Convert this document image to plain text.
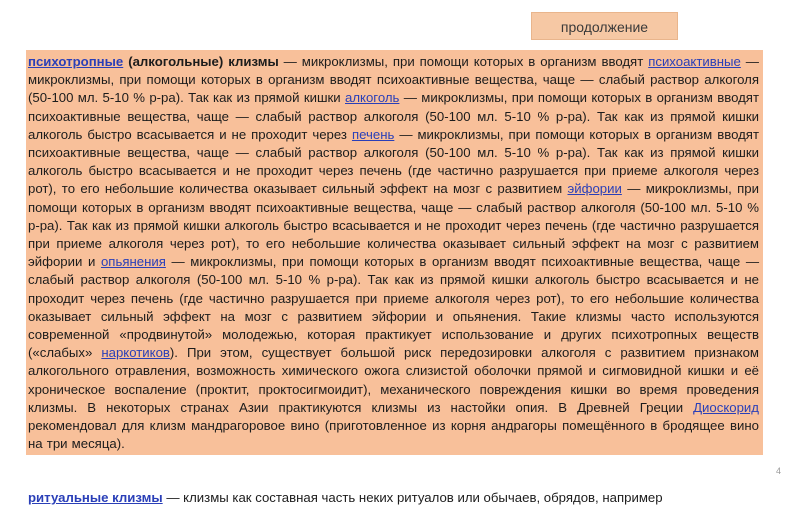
продолжение

психотропные (алкогольные) клизмы — микроклизмы, при помощи которых в организм вводят психоактивные — микроклизмы, при помощи которых в организм вводят психоактивные вещества, чаще — слабый раствор алкоголя (50-100 мл. 5-10 % р-ра). Так как из прямой кишки алкоголь — микроклизмы, при помощи которых в организм вводят психоактивные вещества, чаще — слабый раствор алкоголя (50-100 мл. 5-10 % р-ра). Так как из прямой кишки алкоголь быстро всасывается и не проходит через печень — микроклизмы, при помощи которых в организм вводят психоактивные вещества, чаще — слабый раствор алкоголя (50-100 мл. 5-10 % р-ра). Так как из прямой кишки алкоголь быстро всасывается и не проходит через печень (где частично разрушается при приеме алкоголя через рот), то его небольшие количества оказывает сильный эффект на мозг с развитием эйфории — микроклизмы, при помощи которых в организм вводят психоактивные вещества, чаще — слабый раствор алкоголя (50-100 мл. 5-10 % р-ра). Так как из прямой кишки алкоголь быстро всасывается и не проходит через печень (где частично разрушается при приеме алкоголя через рот), то его небольшие количества оказывает сильный эффект на мозг с развитием эйфории и опьянения — микроклизмы, при помощи которых в организм вводят психоактивные вещества, чаще — слабый раствор алкоголя (50-100 мл. 5-10 % р-ра). Так как из прямой кишки алкоголь быстро всасывается и не проходит через печень (где частично разрушается при приеме алкоголя через рот), то его небольшие количества оказывает сильный эффект на мозг с развитием эйфории и опьянения. Такие клизмы часто используются современной «продвинутой» молодежью, которая практикует использование и других психотропных веществ («слабых» наркотиков). При этом, существует большой риск передозировки алкоголя с развитием признаком алкогольного отравления, возможность химического ожога слизистой оболочки прямой и сигмовидной кишки и её хроническое воспаление (проктит, проктосигмоидит), механического повреждения кишки во время проведения клизмы. В некоторых странах Азии практикуются клизмы из настойки опия. В Древней Греции Диоскорид рекомендовал для клизм мандрагоровое вино (приготовленное из корня андрагоры помещённого в бродящее вино на три месяца).

4
ритуальные клизмы — клизмы как составная часть неких ритуалов или обычаев, обрядов, например
